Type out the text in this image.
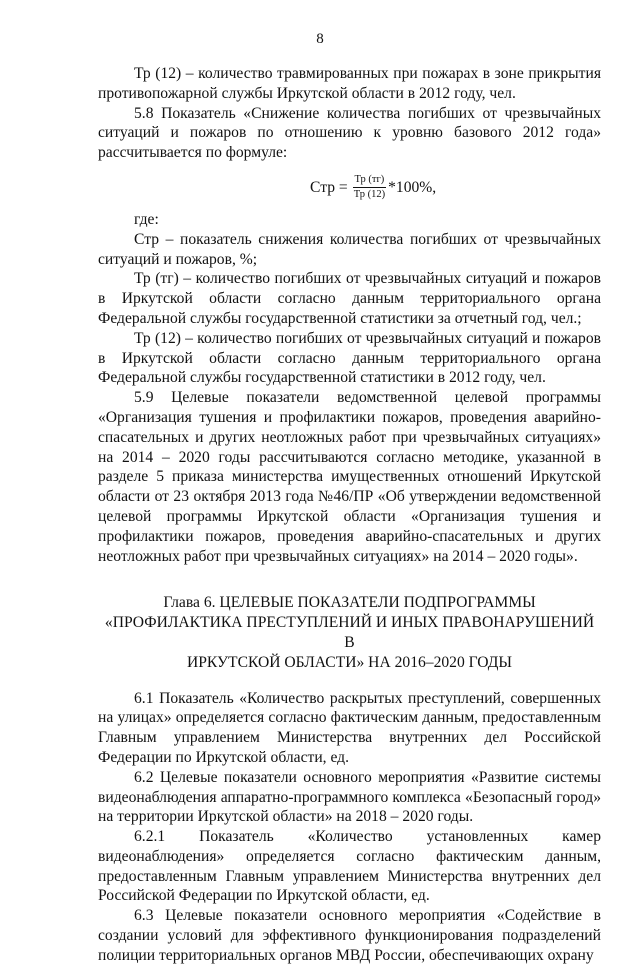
8

Тр (12) – количество травмированных при пожарах в зоне прикрытия противопожарной службы Иркутской области в 2012 году, чел.

5.8 Показатель «Снижение количества погибших от чрезвычайных ситуаций и пожаров по отношению к уровню базового 2012 года» рассчитывается по формуле:

Стр = $\frac{Тр (тг)}{Тр (12)} *100\%$,

где:

Стр – показатель снижения количества погибших от чрезвычайных ситуаций и пожаров, %;

Тр (тг) – количество погибших от чрезвычайных ситуаций и пожаров в Иркутской области согласно данным территориального органа Федеральной службы государственной статистики за отчетный год, чел.;

Тр (12) – количество погибших от чрезвычайных ситуаций и пожаров в Иркутской области согласно данным территориального органа Федеральной службы государственной статистики в 2012 году, чел.

5.9 Целевые показатели ведомственной целевой программы «Организация тушения и профилактики пожаров, проведения аварийно-спасательных и других неотложных работ при чрезвычайных ситуациях» на 2014 – 2020 годы рассчитываются согласно методике, указанной в разделе 5 приказа министерства имущественных отношений Иркутской области от 23 октября 2013 года №46/ПР «Об утверждении ведомственной целевой программы Иркутской области «Организация тушения и профилактики пожаров, проведения аварийно-спасательных и других неотложных работ при чрезвычайных ситуациях» на 2014 – 2020 годы».

Глава 6. ЦЕЛЕВЫЕ ПОКАЗАТЕЛИ ПОДПРОГРАММЫ
«ПРОФИЛАКТИКА ПРЕСТУПЛЕНИЙ И ИНЫХ ПРАВОНАРУШЕНИЙ В
ИРКУТСКОЙ ОБЛАСТИ» НА 2016–2020 ГОДЫ

6.1 Показатель «Количество раскрытых преступлений, совершенных на улицах» определяется согласно фактическим данным, предоставленным Главным управлением Министерства внутренних дел Российской Федерации по Иркутской области, ед.

6.2 Целевые показатели основного мероприятия «Развитие системы видеонаблюдения аппаратно-программного комплекса «Безопасный город» на территории Иркутской области» на 2018 – 2020 годы.

6.2.1 Показатель «Количество установленных камер видеонаблюдения» определяется согласно фактическим данным, предоставленным Главным управлением Министерства внутренних дел Российской Федерации по Иркутской области, ед.

6.3 Целевые показатели основного мероприятия «Содействие в создании условий для эффективного функционирования подразделений полиции территориальных органов МВД России, обеспечивающих охрану
